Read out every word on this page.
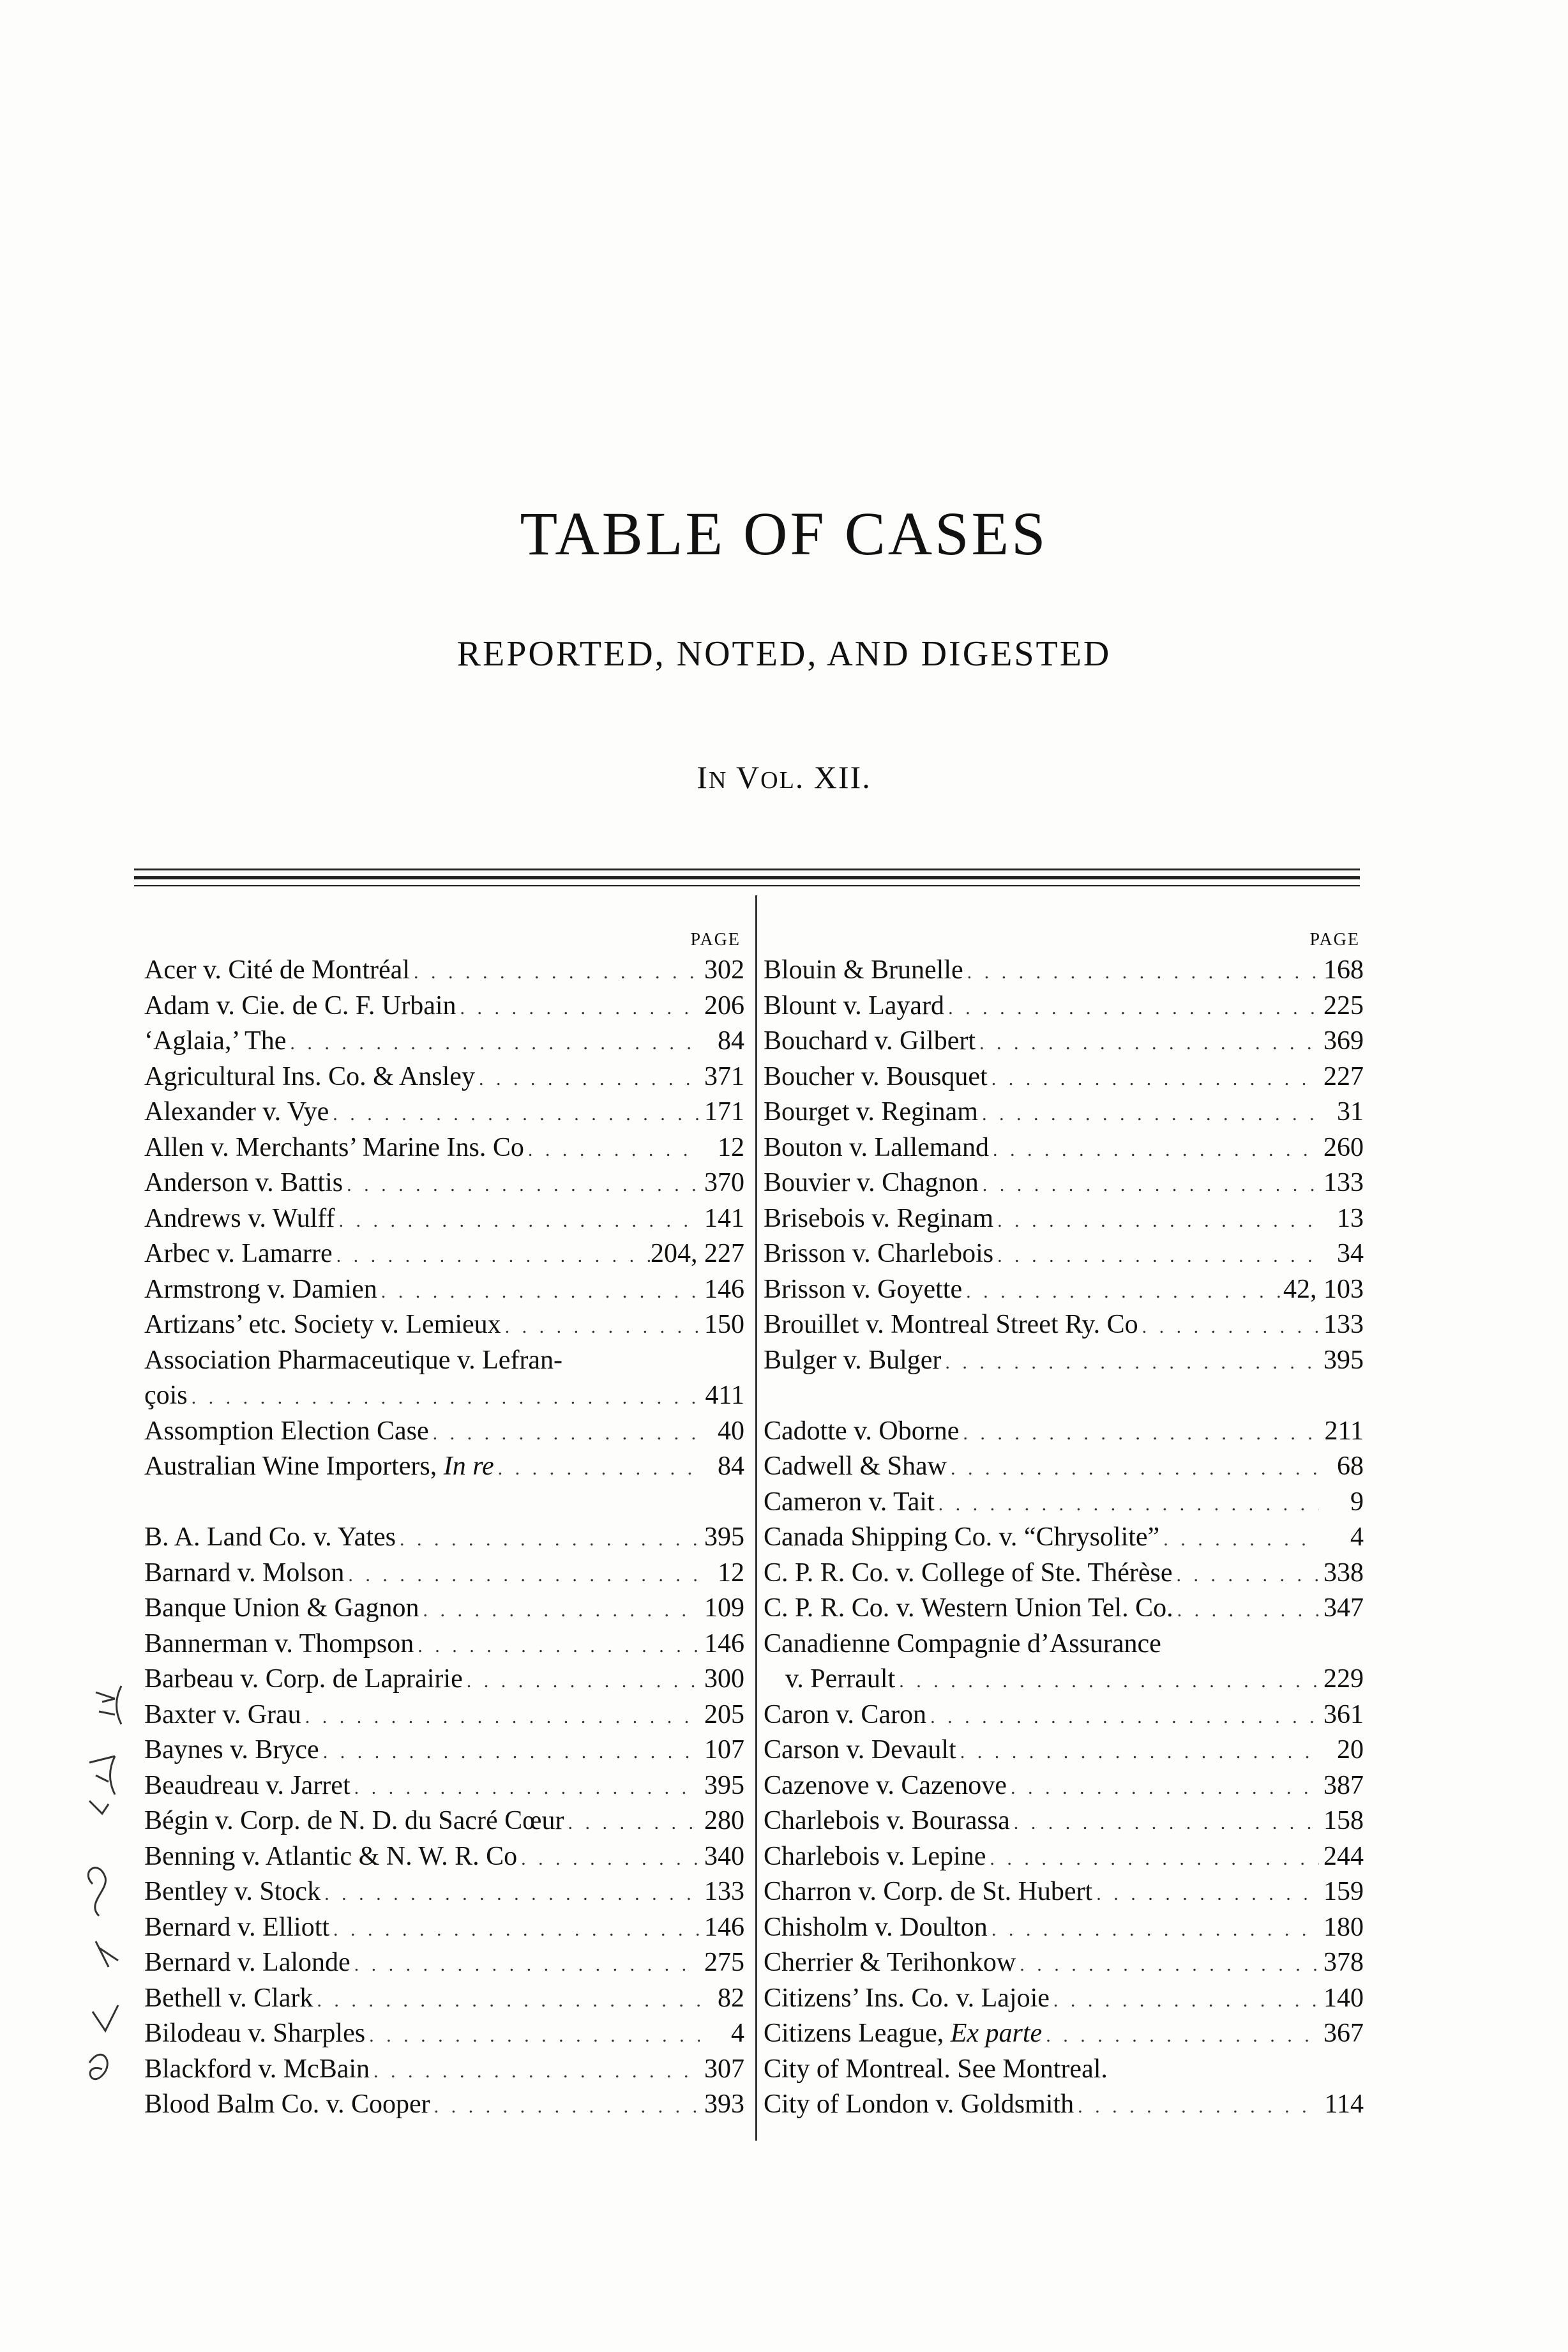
TABLE OF CASES
REPORTED, NOTED, AND DIGESTED
IN VOL. XII.
PAGE
Acer v. Cité de Montréal . . .	302
Adam v. Cie. de C. F. Urbain . . .	206
‘Aglaia,’ The . . .	84
Agricultural Ins. Co. & Ansley . . .	371
Alexander v. Vye . . .	171
Allen v. Merchants’ Marine Ins. Co . . .	12
Anderson v. Battis . . .	370
Andrews v. Wulff . . .	141
Arbec v. Lamarre . . .	204, 227
Armstrong v. Damien . . .	146
Artizans’ etc. Society v. Lemieux . . .	150
Association Pharmaceutique v. Lefran-
çois . . .	411
Assomption Election Case . . .	40
Australian Wine Importers, In re . . .	84
B. A. Land Co. v. Yates . . .	395
Barnard v. Molson . . .	12
Banque Union & Gagnon . . .	109
Bannerman v. Thompson . . .	146
Barbeau v. Corp. de Laprairie . . .	300
Baxter v. Grau . . .	205
Baynes v. Bryce . . .	107
Beaudreau v. Jarret . . .	395
Bégin v. Corp. de N. D. du Sacré Cœur . . .	280
Benning v. Atlantic & N. W. R. Co . . .	340
Bentley v. Stock . . .	133
Bernard v. Elliott . . .	146
Bernard v. Lalonde . . .	275
Bethell v. Clark . . .	82
Bilodeau v. Sharples . . .	4
Blackford v. McBain . . .	307
Blood Balm Co. v. Cooper . . .	393
PAGE
Blouin & Brunelle . . .	168
Blount v. Layard . . .	225
Bouchard v. Gilbert . . .	369
Boucher v. Bousquet . . .	227
Bourget v. Reginam . . .	31
Bouton v. Lallemand . . .	260
Bouvier v. Chagnon . . .	133
Brisebois v. Reginam . . .	13
Brisson v. Charlebois . . .	34
Brisson v. Goyette . . .	42, 103
Brouillet v. Montreal Street Ry. Co . . .	133
Bulger v. Bulger . . .	395
Cadotte v. Oborne . . .	211
Cadwell & Shaw . . .	68
Cameron v. Tait . . .	9
Canada Shipping Co. v. “Chrysolite” . . .	4
C. P. R. Co. v. College of Ste. Thérèse . . .	338
C. P. R. Co. v. Western Union Tel. Co. . . .	347
Canadienne Compagnie d’Assurance
v. Perrault . . .	229
Caron v. Caron . . .	361
Carson v. Devault . . .	20
Cazenove v. Cazenove . . .	387
Charlebois v. Bourassa . . .	158
Charlebois v. Lepine . . .	244
Charron v. Corp. de St. Hubert . . .	159
Chisholm v. Doulton . . .	180
Cherrier & Terihonkow . . .	378
Citizens’ Ins. Co. v. Lajoie . . .	140
Citizens League, Ex parte . . .	367
City of Montreal. See Montreal.
City of London v. Goldsmith . . .	114
